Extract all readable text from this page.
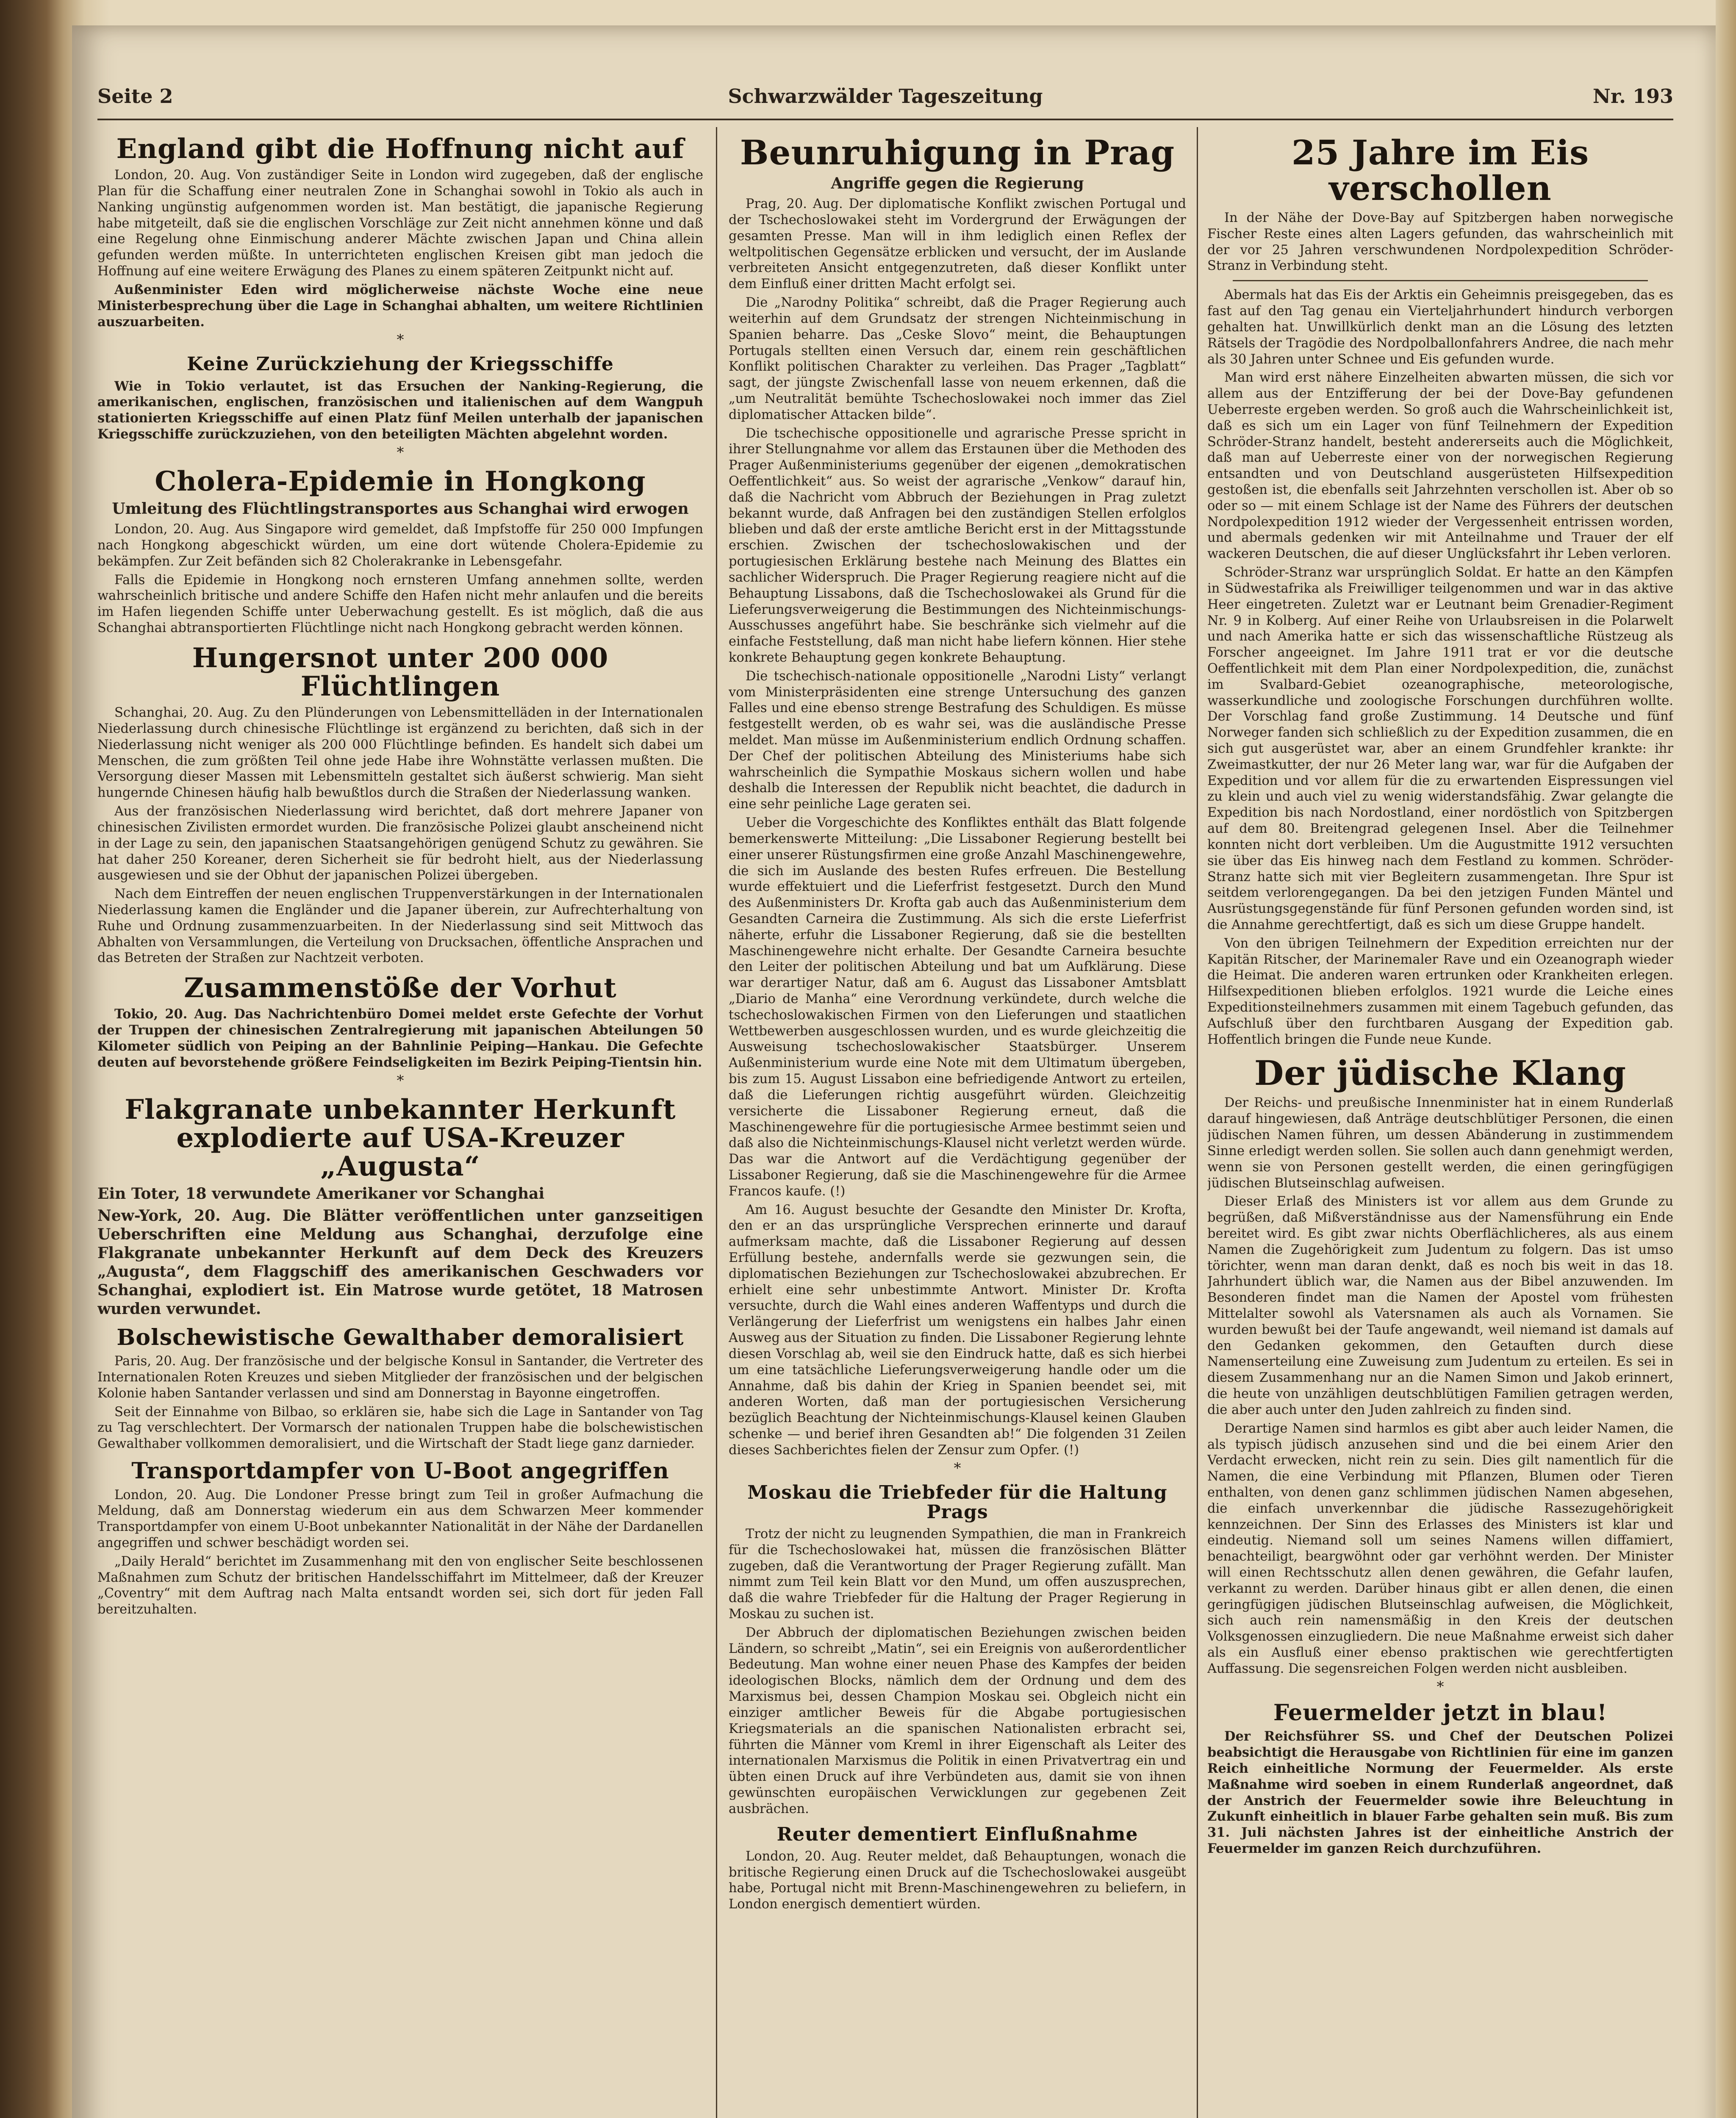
Seite 2	Schwarzwälder Tageszeitung	Nr. 193
England gibt die Hoffnung nicht auf

London, 20. Aug. Von zuständiger Seite in London wird zugegeben, daß der englische Plan für die Schaffung einer neutralen Zone in Schanghai sowohl in Tokio als auch in Nanking ungünstig aufgenommen worden ist. Man bestätigt, die japanische Regierung habe mitgeteilt, daß sie die englischen Vorschläge zur Zeit nicht annehmen könne und daß eine Regelung ohne Einmischung anderer Mächte zwischen Japan und China allein gefunden werden müßte. In unterrichteten englischen Kreisen gibt man jedoch die Hoffnung auf eine weitere Erwägung des Planes zu einem späteren Zeitpunkt nicht auf.

Außenminister Eden wird möglicherweise nächste Woche eine neue Ministerbesprechung über die Lage in Schanghai abhalten, um weitere Richtlinien auszuarbeiten.

*
Keine Zurückziehung der Kriegsschiffe

Wie in Tokio verlautet, ist das Ersuchen der Nanking-Regierung, die amerikanischen, englischen, französischen und italienischen auf dem Wangpuh stationierten Kriegsschiffe auf einen Platz fünf Meilen unterhalb der japanischen Kriegsschiffe zurückzuziehen, von den beteiligten Mächten abgelehnt worden.

*
Cholera-Epidemie in Hongkong
Umleitung des Flüchtlingstransportes aus Schanghai wird erwogen

London, 20. Aug. Aus Singapore wird gemeldet, daß Impfstoffe für 250 000 Impfungen nach Hongkong abgeschickt würden, um eine dort wütende Cholera-Epidemie zu bekämpfen. Zur Zeit befänden sich 82 Cholerakranke in Lebensgefahr.

Falls die Epidemie in Hongkong noch ernsteren Umfang annehmen sollte, werden wahrscheinlich britische und andere Schiffe den Hafen nicht mehr anlaufen und die bereits im Hafen liegenden Schiffe unter Ueberwachung gestellt. Es ist möglich, daß die aus Schanghai abtransportierten Flüchtlinge nicht nach Hongkong gebracht werden können.

Hungersnot unter 200 000 Flüchtlingen

Schanghai, 20. Aug. Zu den Plünderungen von Lebensmittelläden in der Internationalen Niederlassung durch chinesische Flüchtlinge ist ergänzend zu berichten, daß sich in der Niederlassung nicht weniger als 200 000 Flüchtlinge befinden. Es handelt sich dabei um Menschen, die zum größten Teil ohne jede Habe ihre Wohnstätte verlassen mußten. Die Versorgung dieser Massen mit Lebensmitteln gestaltet sich äußerst schwierig. Man sieht hungernde Chinesen häufig halb bewußtlos durch die Straßen der Niederlassung wanken.

Aus der französischen Niederlassung wird berichtet, daß dort mehrere Japaner von chinesischen Zivilisten ermordet wurden. Die französische Polizei glaubt anscheinend nicht in der Lage zu sein, den japanischen Staatsangehörigen genügend Schutz zu gewähren. Sie hat daher 250 Koreaner, deren Sicherheit sie für bedroht hielt, aus der Niederlassung ausgewiesen und sie der Obhut der japanischen Polizei übergeben.

Nach dem Eintreffen der neuen englischen Truppenverstärkungen in der Internationalen Niederlassung kamen die Engländer und die Japaner überein, zur Aufrechterhaltung von Ruhe und Ordnung zusammenzuarbeiten. In der Niederlassung sind seit Mittwoch das Abhalten von Versammlungen, die Verteilung von Drucksachen, öffentliche Ansprachen und das Betreten der Straßen zur Nachtzeit verboten.

Zusammenstöße der Vorhut

Tokio, 20. Aug. Das Nachrichtenbüro Domei meldet erste Gefechte der Vorhut der Truppen der chinesischen Zentralregierung mit japanischen Abteilungen 50 Kilometer südlich von Peiping an der Bahnlinie Peiping—Hankau. Die Gefechte deuten auf bevorstehende größere Feindseligkeiten im Bezirk Peiping-Tientsin hin.

*
Flakgranate unbekannter Herkunft explodierte auf USA-Kreuzer „Augusta“
Ein Toter, 18 verwundete Amerikaner vor Schanghai
New-York, 20. Aug. Die Blätter veröffentlichen unter ganzseitigen Ueberschriften eine Meldung aus Schanghai, derzufolge eine Flakgranate unbekannter Herkunft auf dem Deck des Kreuzers „Augusta“, dem Flaggschiff des amerikanischen Geschwaders vor Schanghai, explodiert ist. Ein Matrose wurde getötet, 18 Matrosen wurden verwundet.
Bolschewistische Gewalthaber demoralisiert

Paris, 20. Aug. Der französische und der belgische Konsul in Santander, die Vertreter des Internationalen Roten Kreuzes und sieben Mitglieder der französischen und der belgischen Kolonie haben Santander verlassen und sind am Donnerstag in Bayonne eingetroffen.

Seit der Einnahme von Bilbao, so erklären sie, habe sich die Lage in Santander von Tag zu Tag verschlechtert. Der Vormarsch der nationalen Truppen habe die bolschewistischen Gewalthaber vollkommen demoralisiert, und die Wirtschaft der Stadt liege ganz darnieder.

Transportdampfer von U-Boot angegriffen

London, 20. Aug. Die Londoner Presse bringt zum Teil in großer Aufmachung die Meldung, daß am Donnerstag wiederum ein aus dem Schwarzen Meer kommender Transportdampfer von einem U-Boot unbekannter Nationalität in der Nähe der Dardanellen angegriffen und schwer beschädigt worden sei.

„Daily Herald“ berichtet im Zusammenhang mit den von englischer Seite beschlossenen Maßnahmen zum Schutz der britischen Handelsschiffahrt im Mittelmeer, daß der Kreuzer „Coventry“ mit dem Auftrag nach Malta entsandt worden sei, sich dort für jeden Fall bereitzuhalten.

Beunruhigung in Prag
Angriffe gegen die Regierung

Prag, 20. Aug. Der diplomatische Konflikt zwischen Portugal und der Tschechoslowakei steht im Vordergrund der Erwägungen der gesamten Presse. Man will in ihm lediglich einen Reflex der weltpolitischen Gegensätze erblicken und versucht, der im Auslande verbreiteten Ansicht entgegenzutreten, daß dieser Konflikt unter dem Einfluß einer dritten Macht erfolgt sei.

Die „Narodny Politika“ schreibt, daß die Prager Regierung auch weiterhin auf dem Grundsatz der strengen Nichteinmischung in Spanien beharre. Das „Ceske Slovo“ meint, die Behauptungen Portugals stellten einen Versuch dar, einem rein geschäftlichen Konflikt politischen Charakter zu verleihen. Das Prager „Tagblatt“ sagt, der jüngste Zwischenfall lasse von neuem erkennen, daß die „um Neutralität bemühte Tschechoslowakei noch immer das Ziel diplomatischer Attacken bilde“.

Die tschechische oppositionelle und agrarische Presse spricht in ihrer Stellungnahme vor allem das Erstaunen über die Methoden des Prager Außenministeriums gegenüber der eigenen „demokratischen Oeffentlichkeit“ aus. So weist der agrarische „Venkow“ darauf hin, daß die Nachricht vom Abbruch der Beziehungen in Prag zuletzt bekannt wurde, daß Anfragen bei den zuständigen Stellen erfolglos blieben und daß der erste amtliche Bericht erst in der Mittagsstunde erschien. Zwischen der tschechoslowakischen und der portugiesischen Erklärung bestehe nach Meinung des Blattes ein sachlicher Widerspruch. Die Prager Regierung reagiere nicht auf die Behauptung Lissabons, daß die Tschechoslowakei als Grund für die Lieferungsverweigerung die Bestimmungen des Nichteinmischungs-Ausschusses angeführt habe. Sie beschränke sich vielmehr auf die einfache Feststellung, daß man nicht habe liefern können. Hier stehe konkrete Behauptung gegen konkrete Behauptung.

Die tschechisch-nationale oppositionelle „Narodni Listy“ verlangt vom Ministerpräsidenten eine strenge Untersuchung des ganzen Falles und eine ebenso strenge Bestrafung des Schuldigen. Es müsse festgestellt werden, ob es wahr sei, was die ausländische Presse meldet. Man müsse im Außenministerium endlich Ordnung schaffen. Der Chef der politischen Abteilung des Ministeriums habe sich wahrscheinlich die Sympathie Moskaus sichern wollen und habe deshalb die Interessen der Republik nicht beachtet, die dadurch in eine sehr peinliche Lage geraten sei.

Ueber die Vorgeschichte des Konfliktes enthält das Blatt folgende bemerkenswerte Mitteilung: „Die Lissaboner Regierung bestellt bei einer unserer Rüstungsfirmen eine große Anzahl Maschinengewehre, die sich im Auslande des besten Rufes erfreuen. Die Bestellung wurde effektuiert und die Lieferfrist festgesetzt. Durch den Mund des Außenministers Dr. Krofta gab auch das Außenministerium dem Gesandten Carneira die Zustimmung. Als sich die erste Lieferfrist näherte, erfuhr die Lissaboner Regierung, daß sie die bestellten Maschinengewehre nicht erhalte. Der Gesandte Carneira besuchte den Leiter der politischen Abteilung und bat um Aufklärung. Diese war derartiger Natur, daß am 6. August das Lissaboner Amtsblatt „Diario de Manha“ eine Verordnung verkündete, durch welche die tschechoslowakischen Firmen von den Lieferungen und staatlichen Wettbewerben ausgeschlossen wurden, und es wurde gleichzeitig die Ausweisung tschechoslowakischer Staatsbürger. Unserem Außenministerium wurde eine Note mit dem Ultimatum übergeben, bis zum 15. August Lissabon eine befriedigende Antwort zu erteilen, daß die Lieferungen richtig ausgeführt würden. Gleichzeitig versicherte die Lissaboner Regierung erneut, daß die Maschinengewehre für die portugiesische Armee bestimmt seien und daß also die Nichteinmischungs-Klausel nicht verletzt werden würde. Das war die Antwort auf die Verdächtigung gegenüber der Lissaboner Regierung, daß sie die Maschinengewehre für die Armee Francos kaufe. (!)

Am 16. August besuchte der Gesandte den Minister Dr. Krofta, den er an das ursprüngliche Versprechen erinnerte und darauf aufmerksam machte, daß die Lissaboner Regierung auf dessen Erfüllung bestehe, andernfalls werde sie gezwungen sein, die diplomatischen Beziehungen zur Tschechoslowakei abzubrechen. Er erhielt eine sehr unbestimmte Antwort. Minister Dr. Krofta versuchte, durch die Wahl eines anderen Waffentyps und durch die Verlängerung der Lieferfrist um wenigstens ein halbes Jahr einen Ausweg aus der Situation zu finden. Die Lissaboner Regierung lehnte diesen Vorschlag ab, weil sie den Eindruck hatte, daß es sich hierbei um eine tatsächliche Lieferungsverweigerung handle oder um die Annahme, daß bis dahin der Krieg in Spanien beendet sei, mit anderen Worten, daß man der portugiesischen Versicherung bezüglich Beachtung der Nichteinmischungs-Klausel keinen Glauben schenke — und berief ihren Gesandten ab!“ Die folgenden 31 Zeilen dieses Sachberichtes fielen der Zensur zum Opfer. (!)

*
Moskau die Triebfeder für die Haltung Prags

Trotz der nicht zu leugnenden Sympathien, die man in Frankreich für die Tschechoslowakei hat, müssen die französischen Blätter zugeben, daß die Verantwortung der Prager Regierung zufällt. Man nimmt zum Teil kein Blatt vor den Mund, um offen auszusprechen, daß die wahre Triebfeder für die Haltung der Prager Regierung in Moskau zu suchen ist.

Der Abbruch der diplomatischen Beziehungen zwischen beiden Ländern, so schreibt „Matin“, sei ein Ereignis von außerordentlicher Bedeutung. Man wohne einer neuen Phase des Kampfes der beiden ideologischen Blocks, nämlich dem der Ordnung und dem des Marxismus bei, dessen Champion Moskau sei. Obgleich nicht ein einziger amtlicher Beweis für die Abgabe portugiesischen Kriegsmaterials an die spanischen Nationalisten erbracht sei, führten die Männer vom Kreml in ihrer Eigenschaft als Leiter des internationalen Marxismus die Politik in einen Privatvertrag ein und übten einen Druck auf ihre Verbündeten aus, damit sie von ihnen gewünschten europäischen Verwicklungen zur gegebenen Zeit ausbrächen.

Reuter dementiert Einflußnahme

London, 20. Aug. Reuter meldet, daß Behauptungen, wonach die britische Regierung einen Druck auf die Tschechoslowakei ausgeübt habe, Portugal nicht mit Brenn-Maschinengewehren zu beliefern, in London energisch dementiert würden.

25 Jahre im Eis verschollen

In der Nähe der Dove-Bay auf Spitzbergen haben norwegische Fischer Reste eines alten Lagers gefunden, das wahrscheinlich mit der vor 25 Jahren verschwundenen Nordpolexpedition Schröder-Stranz in Verbindung steht.

Abermals hat das Eis der Arktis ein Geheimnis preisgegeben, das es fast auf den Tag genau ein Vierteljahrhundert hindurch verborgen gehalten hat. Unwillkürlich denkt man an die Lösung des letzten Rätsels der Tragödie des Nordpolballonfahrers Andree, die nach mehr als 30 Jahren unter Schnee und Eis gefunden wurde.

Man wird erst nähere Einzelheiten abwarten müssen, die sich vor allem aus der Entzifferung der bei der Dove-Bay gefundenen Ueberreste ergeben werden. So groß auch die Wahrscheinlichkeit ist, daß es sich um ein Lager von fünf Teilnehmern der Expedition Schröder-Stranz handelt, besteht andererseits auch die Möglichkeit, daß man auf Ueberreste einer von der norwegischen Regierung entsandten und von Deutschland ausgerüsteten Hilfsexpedition gestoßen ist, die ebenfalls seit Jahrzehnten verschollen ist. Aber ob so oder so — mit einem Schlage ist der Name des Führers der deutschen Nordpolexpedition 1912 wieder der Vergessenheit entrissen worden, und abermals gedenken wir mit Anteilnahme und Trauer der elf wackeren Deutschen, die auf dieser Unglücksfahrt ihr Leben verloren.

Schröder-Stranz war ursprünglich Soldat. Er hatte an den Kämpfen in Südwestafrika als Freiwilliger teilgenommen und war in das aktive Heer eingetreten. Zuletzt war er Leutnant beim Grenadier-Regiment Nr. 9 in Kolberg. Auf einer Reihe von Urlaubsreisen in die Polarwelt und nach Amerika hatte er sich das wissenschaftliche Rüstzeug als Forscher angeeignet. Im Jahre 1911 trat er vor die deutsche Oeffentlichkeit mit dem Plan einer Nordpolexpedition, die, zunächst im Svalbard-Gebiet ozeanographische, meteorologische, wasserkundliche und zoologische Forschungen durchführen wollte. Der Vorschlag fand große Zustimmung. 14 Deutsche und fünf Norweger fanden sich schließlich zu der Expedition zusammen, die en sich gut ausgerüstet war, aber an einem Grundfehler krankte: ihr Zweimastkutter, der nur 26 Meter lang war, war für die Aufgaben der Expedition und vor allem für die zu erwartenden Eispressungen viel zu klein und auch viel zu wenig widerstandsfähig. Zwar gelangte die Expedition bis nach Nordostland, einer nordöstlich von Spitzbergen auf dem 80. Breitengrad gelegenen Insel. Aber die Teilnehmer konnten nicht dort verbleiben. Um die Augustmitte 1912 versuchten sie über das Eis hinweg nach dem Festland zu kommen. Schröder-Stranz hatte sich mit vier Begleitern zusammengetan. Ihre Spur ist seitdem verlorengegangen. Da bei den jetzigen Funden Mäntel und Ausrüstungsgegenstände für fünf Personen gefunden worden sind, ist die Annahme gerechtfertigt, daß es sich um diese Gruppe handelt.

Von den übrigen Teilnehmern der Expedition erreichten nur der Kapitän Ritscher, der Marinemaler Rave und ein Ozeanograph wieder die Heimat. Die anderen waren ertrunken oder Krankheiten erlegen. Hilfsexpeditionen blieben erfolglos. 1921 wurde die Leiche eines Expeditionsteilnehmers zusammen mit einem Tagebuch gefunden, das Aufschluß über den furchtbaren Ausgang der Expedition gab. Hoffentlich bringen die Funde neue Kunde.

Der jüdische Klang

Der Reichs- und preußische Innenminister hat in einem Runderlaß darauf hingewiesen, daß Anträge deutschblütiger Personen, die einen jüdischen Namen führen, um dessen Abänderung in zustimmendem Sinne erledigt werden sollen. Sie sollen auch dann genehmigt werden, wenn sie von Personen gestellt werden, die einen geringfügigen jüdischen Blutseinschlag aufweisen.

Dieser Erlaß des Ministers ist vor allem aus dem Grunde zu begrüßen, daß Mißverständnisse aus der Namensführung ein Ende bereitet wird. Es gibt zwar nichts Oberflächlicheres, als aus einem Namen die Zugehörigkeit zum Judentum zu folgern. Das ist umso törichter, wenn man daran denkt, daß es noch bis weit in das 18. Jahrhundert üblich war, die Namen aus der Bibel anzuwenden. Im Besonderen findet man die Namen der Apostel vom frühesten Mittelalter sowohl als Vatersnamen als auch als Vornamen. Sie wurden bewußt bei der Taufe angewandt, weil niemand ist damals auf den Gedanken gekommen, den Getauften durch diese Namenserteilung eine Zuweisung zum Judentum zu erteilen. Es sei in diesem Zusammenhang nur an die Namen Simon und Jakob erinnert, die heute von unzähligen deutschblütigen Familien getragen werden, die aber auch unter den Juden zahlreich zu finden sind.

Derartige Namen sind harmlos es gibt aber auch leider Namen, die als typisch jüdisch anzusehen sind und die bei einem Arier den Verdacht erwecken, nicht rein zu sein. Dies gilt namentlich für die Namen, die eine Verbindung mit Pflanzen, Blumen oder Tieren enthalten, von denen ganz schlimmen jüdischen Namen abgesehen, die einfach unverkennbar die jüdische Rassezugehörigkeit kennzeichnen. Der Sinn des Erlasses des Ministers ist klar und eindeutig. Niemand soll um seines Namens willen diffamiert, benachteiligt, beargwöhnt oder gar verhöhnt werden. Der Minister will einen Rechtsschutz allen denen gewähren, die Gefahr laufen, verkannt zu werden. Darüber hinaus gibt er allen denen, die einen geringfügigen jüdischen Blutseinschlag aufweisen, die Möglichkeit, sich auch rein namensmäßig in den Kreis der deutschen Volksgenossen einzugliedern. Die neue Maßnahme erweist sich daher als ein Ausfluß einer ebenso praktischen wie gerechtfertigten Auffassung. Die segensreichen Folgen werden nicht ausbleiben.

*
Feuermelder jetzt in blau!

Der Reichsführer SS. und Chef der Deutschen Polizei beabsichtigt die Herausgabe von Richtlinien für eine im ganzen Reich einheitliche Normung der Feuermelder. Als erste Maßnahme wird soeben in einem Runderlaß angeordnet, daß der Anstrich der Feuermelder sowie ihre Beleuchtung in Zukunft einheitlich in blauer Farbe gehalten sein muß. Bis zum 31. Juli nächsten Jahres ist der einheitliche Anstrich der Feuermelder im ganzen Reich durchzuführen.
